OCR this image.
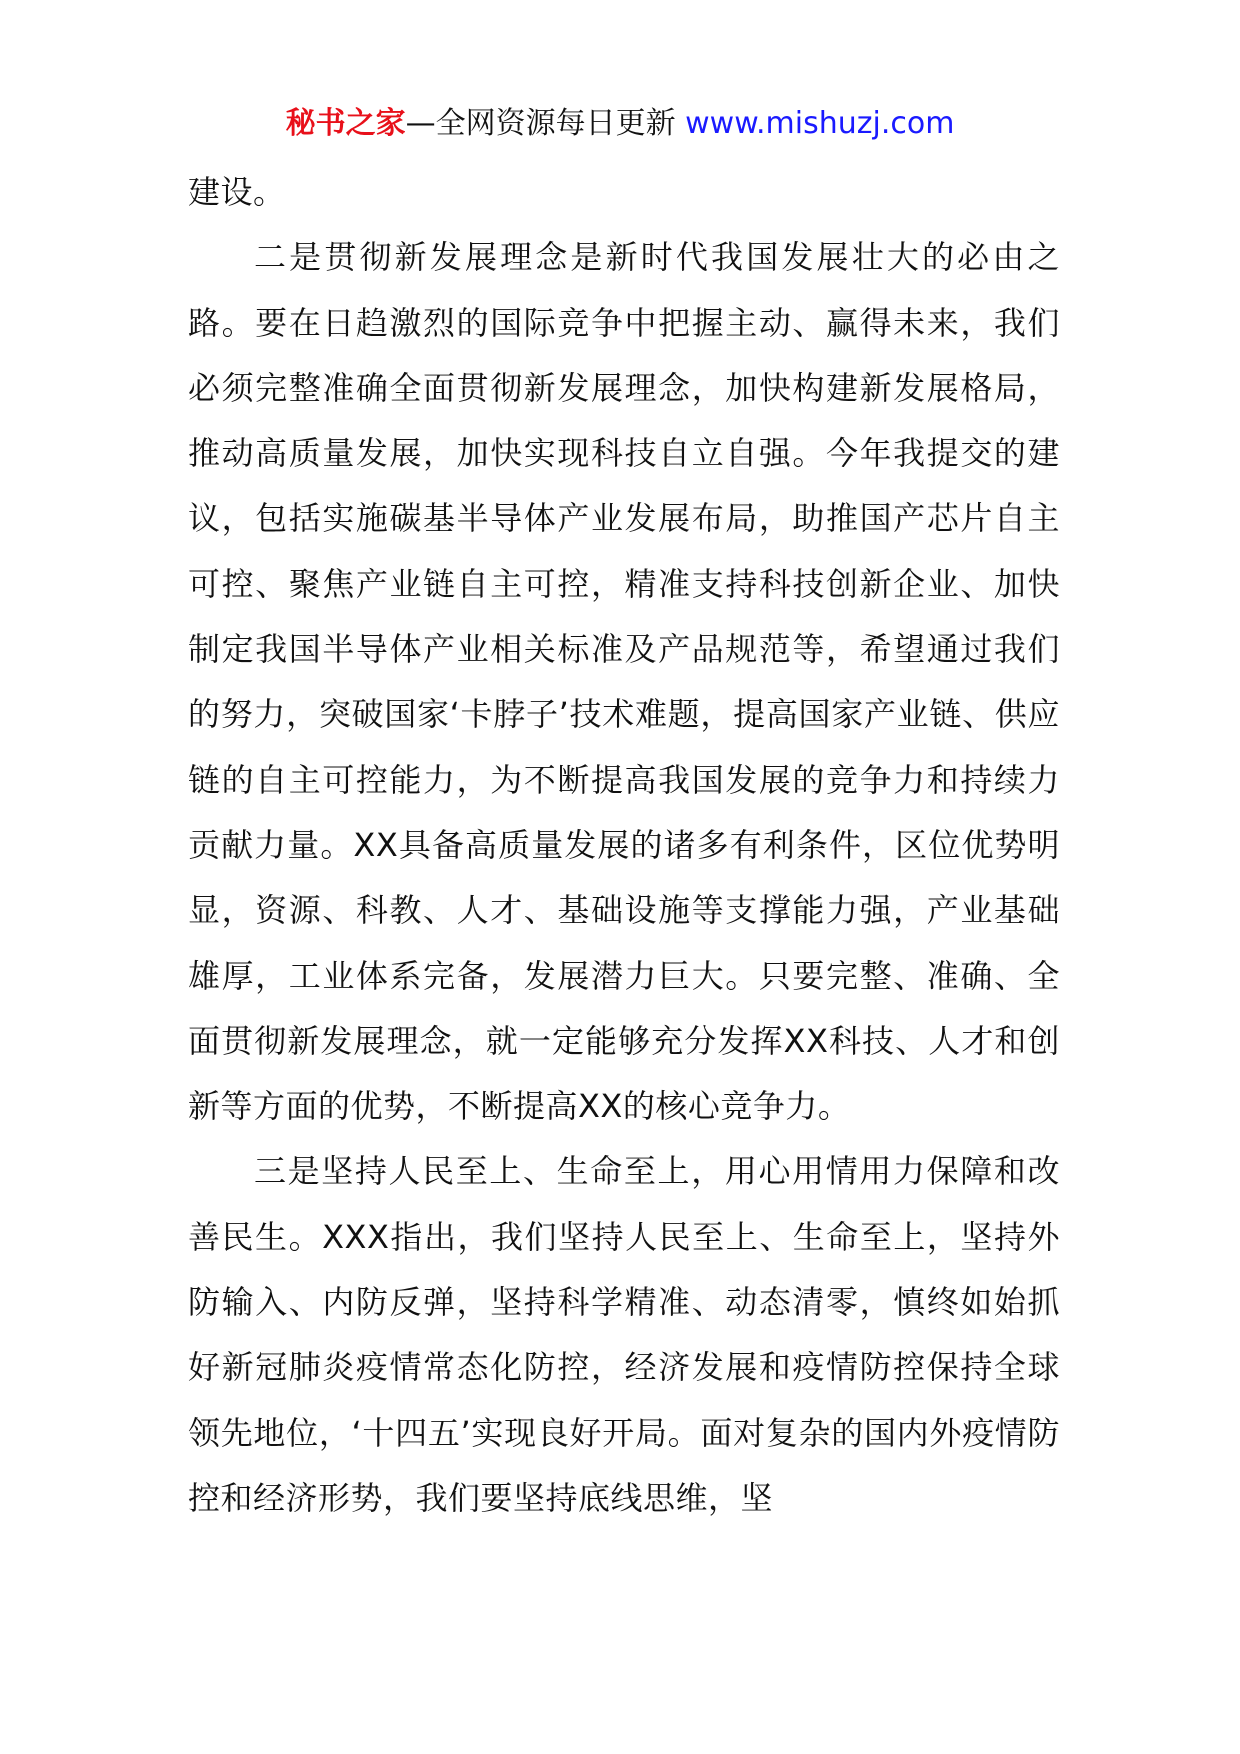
秘书之家—全网资源每日更新 www.mishuzj.com

建设。

二是贯彻新发展理念是新时代我国发展壮大的必由之路。要在日趋激烈的国际竞争中把握主动、赢得未来，我们必须完整准确全面贯彻新发展理念，加快构建新发展格局，推动高质量发展，加快实现科技自立自强。今年我提交的建议，包括实施碳基半导体产业发展布局，助推国产芯片自主可控、聚焦产业链自主可控，精准支持科技创新企业、加快制定我国半导体产业相关标准及产品规范等，希望通过我们的努力，突破国家‘卡脖子’技术难题，提高国家产业链、供应链的自主可控能力，为不断提高我国发展的竞争力和持续力贡献力量。XX具备高质量发展的诸多有利条件，区位优势明显，资源、科教、人才、基础设施等支撑能力强，产业基础雄厚，工业体系完备，发展潜力巨大。只要完整、准确、全面贯彻新发展理念，就一定能够充分发挥XX科技、人才和创新等方面的优势，不断提高XX的核心竞争力。

三是坚持人民至上、生命至上，用心用情用力保障和改善民生。XXX指出，我们坚持人民至上、生命至上，坚持外防输入、内防反弹，坚持科学精准、动态清零，慎终如始抓好新冠肺炎疫情常态化防控，经济发展和疫情防控保持全球领先地位，‘十四五’实现良好开局。面对复杂的国内外疫情防控和经济形势，我们要坚持底线思维，坚
